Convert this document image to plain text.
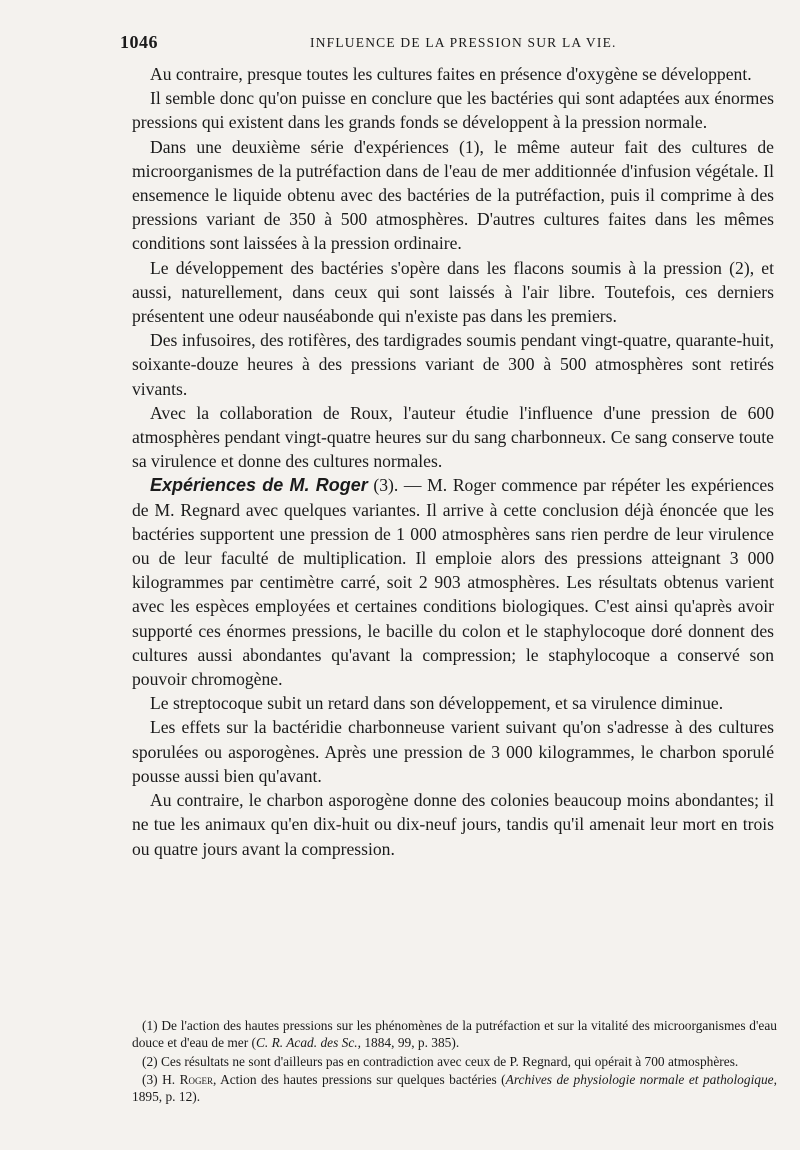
1046	INFLUENCE DE LA PRESSION SUR LA VIE.

Au contraire, presque toutes les cultures faites en présence d'oxygène se développent.

Il semble donc qu'on puisse en conclure que les bactéries qui sont adaptées aux énormes pressions qui existent dans les grands fonds se développent à la pression normale.

Dans une deuxième série d'expériences (1), le même auteur fait des cultures de microorganismes de la putréfaction dans de l'eau de mer additionnée d'infusion végétale. Il ensemence le liquide obtenu avec des bactéries de la putréfaction, puis il comprime à des pressions variant de 350 à 500 atmosphères. D'autres cultures faites dans les mêmes conditions sont laissées à la pression ordinaire.

Le développement des bactéries s'opère dans les flacons soumis à la pression (2), et aussi, naturellement, dans ceux qui sont laissés à l'air libre. Toutefois, ces derniers présentent une odeur nauséabonde qui n'existe pas dans les premiers.

Des infusoires, des rotifères, des tardigrades soumis pendant vingt-quatre, quarante-huit, soixante-douze heures à des pressions variant de 300 à 500 atmosphères sont retirés vivants.

Avec la collaboration de Roux, l'auteur étudie l'influence d'une pression de 600 atmosphères pendant vingt-quatre heures sur du sang charbonneux. Ce sang conserve toute sa virulence et donne des cultures normales.

Expériences de M. Roger (3). — M. Roger commence par répéter les expériences de M. Regnard avec quelques variantes. Il arrive à cette conclusion déjà énoncée que les bactéries supportent une pression de 1 000 atmosphères sans rien perdre de leur virulence ou de leur faculté de multiplication. Il emploie alors des pressions atteignant 3 000 kilogrammes par centimètre carré, soit 2 903 atmosphères. Les résultats obtenus varient avec les espèces employées et certaines conditions biologiques. C'est ainsi qu'après avoir supporté ces énormes pressions, le bacille du colon et le staphylocoque doré donnent des cultures aussi abondantes qu'avant la compression; le staphylocoque a conservé son pouvoir chromogène.

Le streptocoque subit un retard dans son développement, et sa virulence diminue.

Les effets sur la bactéridie charbonneuse varient suivant qu'on s'adresse à des cultures sporulées ou asporogènes. Après une pression de 3 000 kilogrammes, le charbon sporulé pousse aussi bien qu'avant.

Au contraire, le charbon asporogène donne des colonies beaucoup moins abondantes; il ne tue les animaux qu'en dix-huit ou dix-neuf jours, tandis qu'il amenait leur mort en trois ou quatre jours avant la compression.

(1) De l'action des hautes pressions sur les phénomènes de la putréfaction et sur la vitalité des microorganismes d'eau douce et d'eau de mer (C. R. Acad. des Sc., 1884, 99, p. 385).

(2) Ces résultats ne sont d'ailleurs pas en contradiction avec ceux de P. Regnard, qui opérait à 700 atmosphères.

(3) H. Roger, Action des hautes pressions sur quelques bactéries (Archives de physiologie normale et pathologique, 1895, p. 12).
